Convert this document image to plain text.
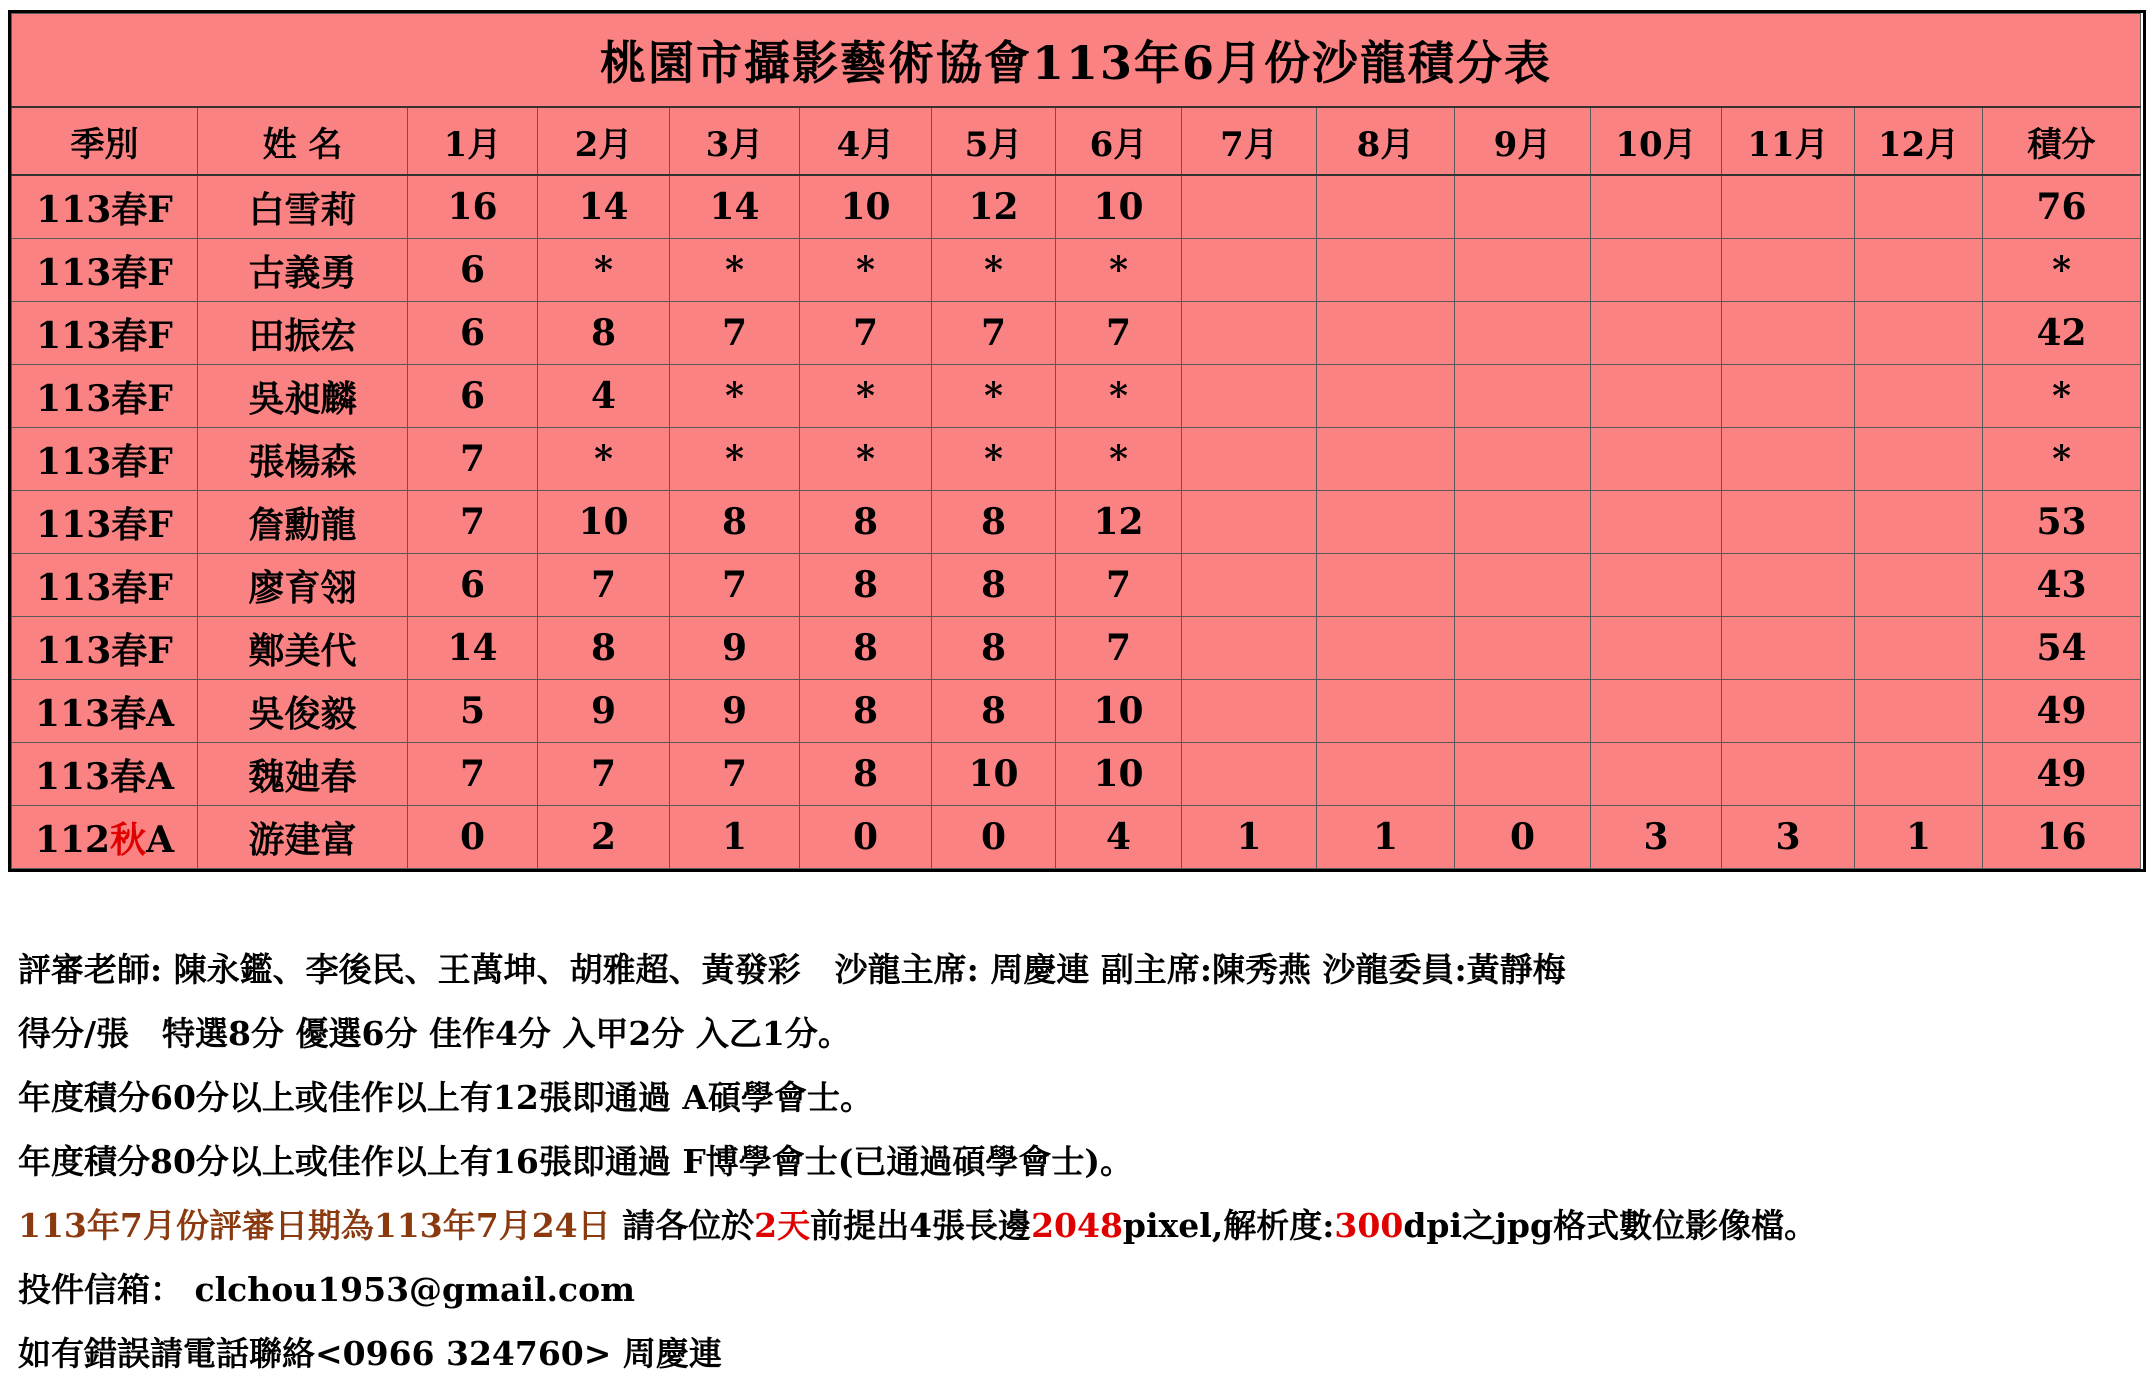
桃園市攝影藝術協會113年6月份沙龍積分表														
季別	姓 名	1月	2月	3月	4月	5月	6月	7月	8月	9月	10月	11月	12月	積分
113春F	白雪莉	16	14	14	10	12	10							76
113春F	古義勇	6	*	*	*	*	*							*
113春F	田振宏	6	8	7	7	7	7							42
113春F	吳昶麟	6	4	*	*	*	*							*
113春F	張楊森	7	*	*	*	*	*							*
113春F	詹勳龍	7	10	8	8	8	12							53
113春F	廖育翎	6	7	7	8	8	7							43
113春F	鄭美代	14	8	9	8	8	7							54
113春A	吳俊毅	5	9	9	8	8	10							49
113春A	魏廸春	7	7	7	8	10	10							49
112秋A	游建富	0	2	1	0	0	4	1	1	0	3	3	1	16
評審老師: 陳永鑑、李後民、王萬坤、胡雅超、黃發彩 沙龍主席: 周慶連 副主席:陳秀燕 沙龍委員:黃靜梅
得分/張　特選8分 優選6分 佳作4分 入甲2分 入乙1分。
年度積分60分以上或佳作以上有12張即通過 A碩學會士。
年度積分80分以上或佳作以上有16張即通過 F博學會士(已通過碩學會士)。
113年7月份評審日期為113年7月24日 請各位於2天前提出4張長邊2048pixel,解析度:300dpi之jpg格式數位影像檔。
投件信箱： clchou1953@gmail.com
如有錯誤請電話聯絡<0966 324760> 周慶連
